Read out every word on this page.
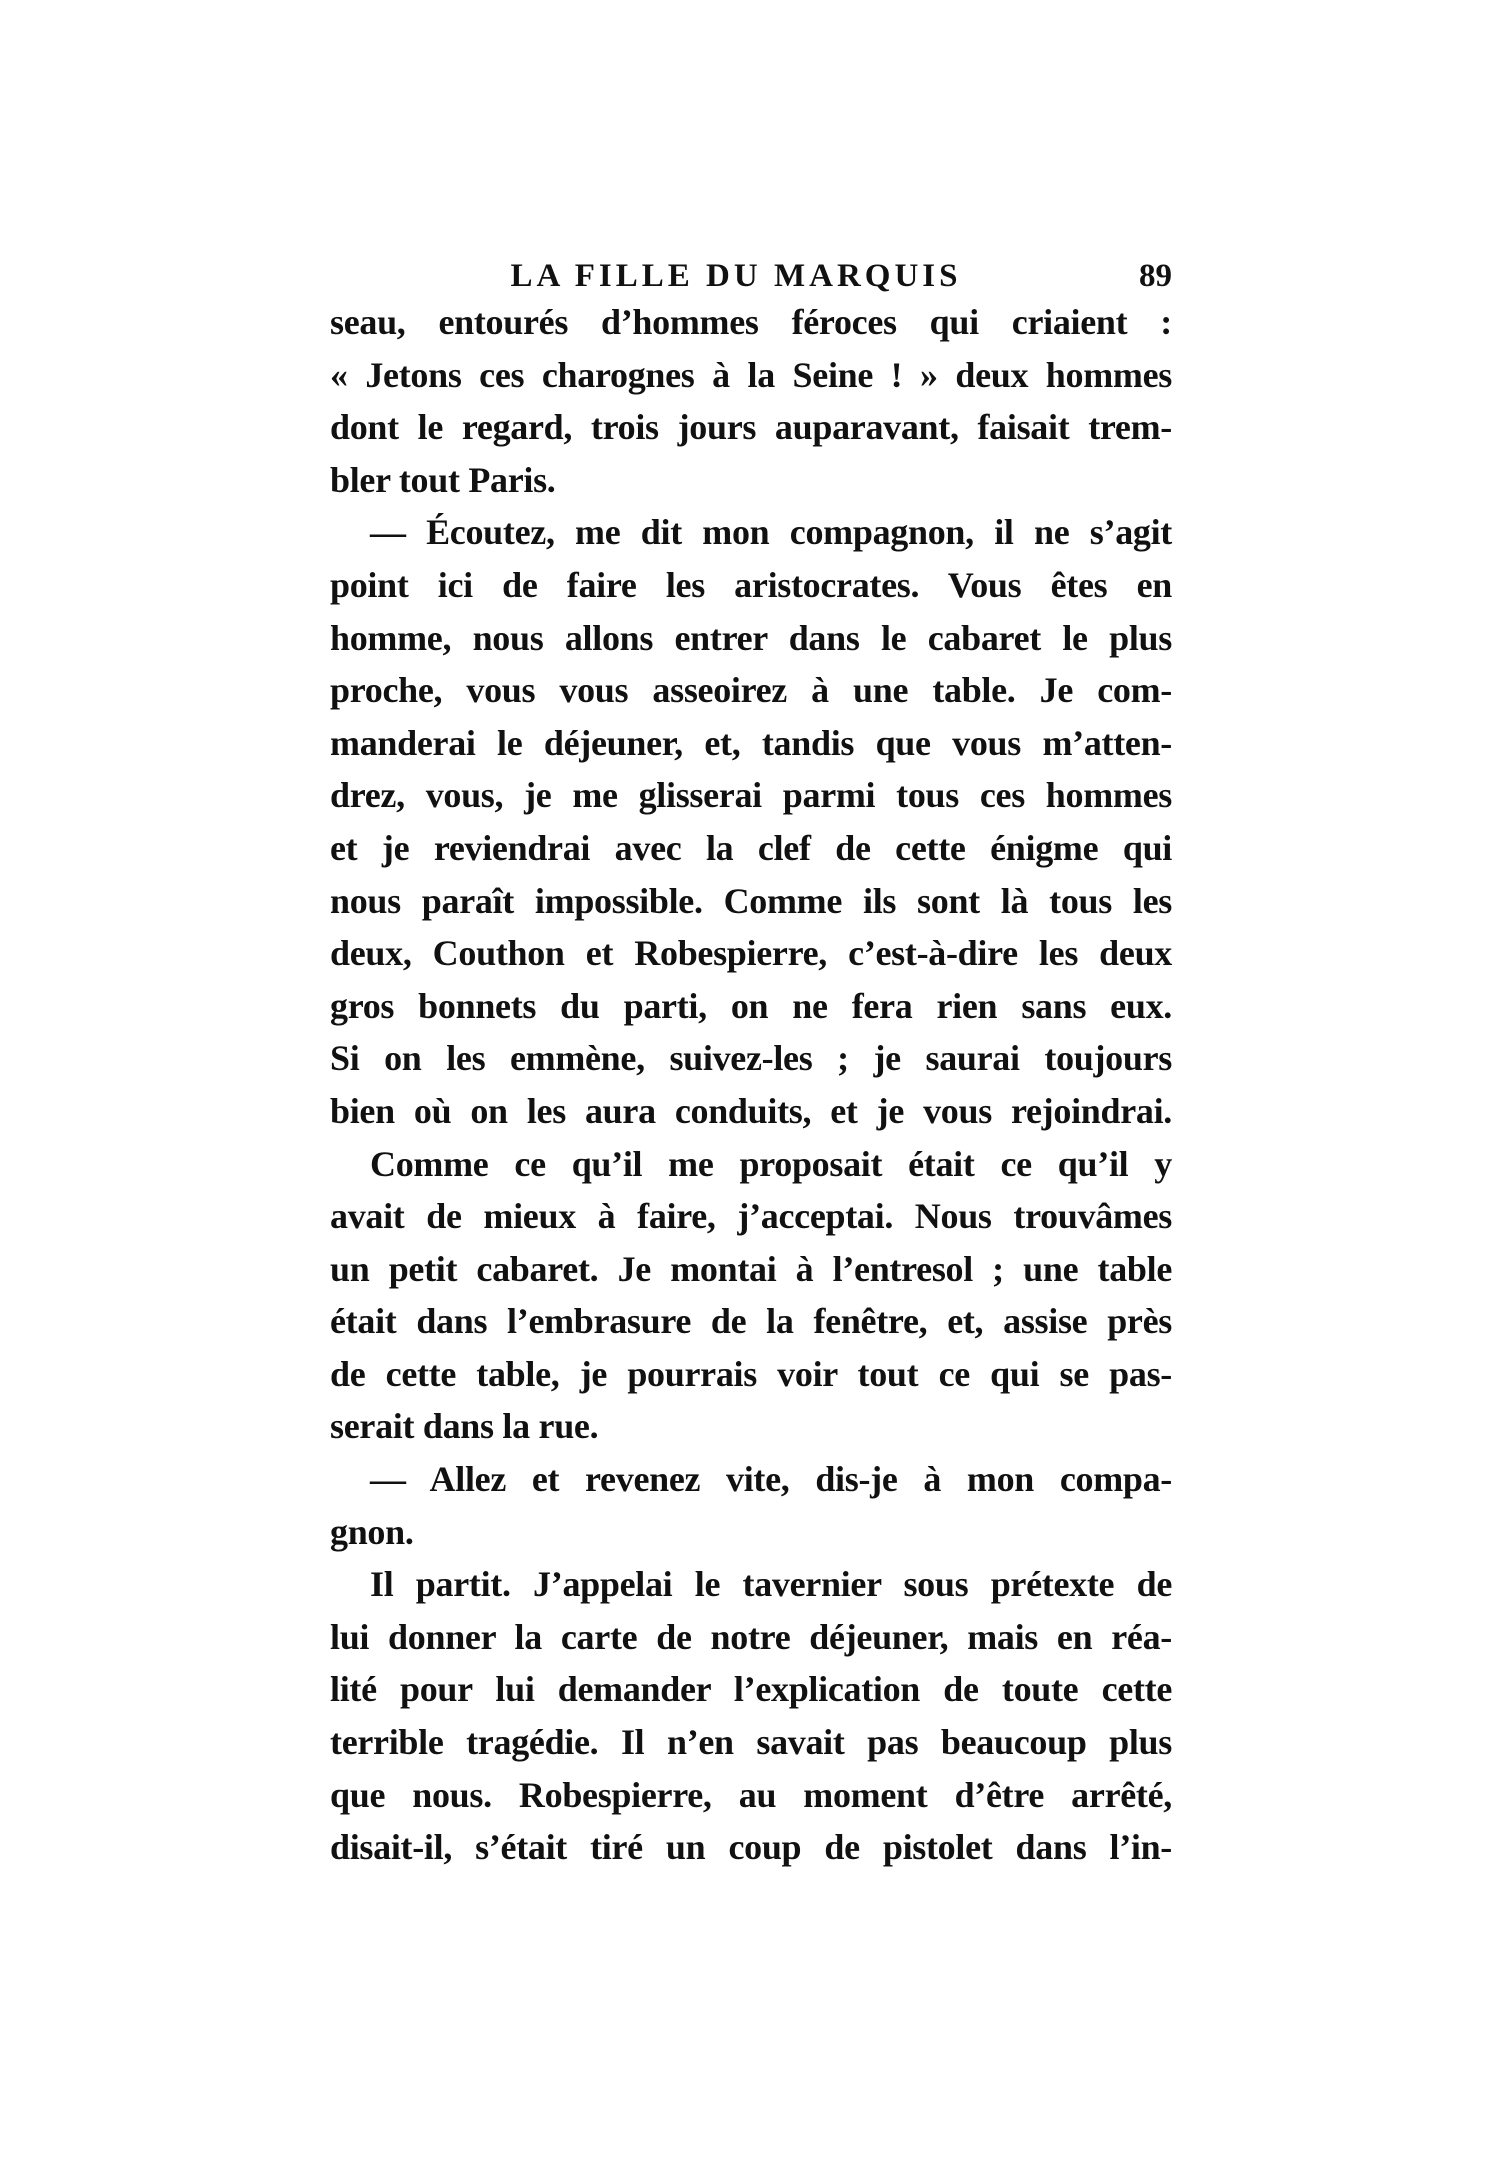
LA FILLE DU MARQUIS	89
seau, entourés d’hommes féroces qui criaient :
« Jetons ces charognes à la Seine ! » deux hommes
dont le regard, trois jours auparavant, faisait trem-
bler tout Paris.
— Écoutez, me dit mon compagnon, il ne s’agit
point ici de faire les aristocrates. Vous êtes en
homme, nous allons entrer dans le cabaret le plus
proche, vous vous asseoirez à une table. Je com-
manderai le déjeuner, et, tandis que vous m’atten-
drez, vous, je me glisserai parmi tous ces hommes
et je reviendrai avec la clef de cette énigme qui
nous paraît impossible. Comme ils sont là tous les
deux, Couthon et Robespierre, c’est-à-dire les deux
gros bonnets du parti, on ne fera rien sans eux.
Si on les emmène, suivez-les ; je saurai toujours
bien où on les aura conduits, et je vous rejoindrai.
Comme ce qu’il me proposait était ce qu’il y
avait de mieux à faire, j’acceptai. Nous trouvâmes
un petit cabaret. Je montai à l’entresol ; une table
était dans l’embrasure de la fenêtre, et, assise près
de cette table, je pourrais voir tout ce qui se pas-
serait dans la rue.
— Allez et revenez vite, dis-je à mon compa-
gnon.
Il partit. J’appelai le tavernier sous prétexte de
lui donner la carte de notre déjeuner, mais en réa-
lité pour lui demander l’explication de toute cette
terrible tragédie. Il n’en savait pas beaucoup plus
que nous. Robespierre, au moment d’être arrêté,
disait-il, s’était tiré un coup de pistolet dans l’in-
